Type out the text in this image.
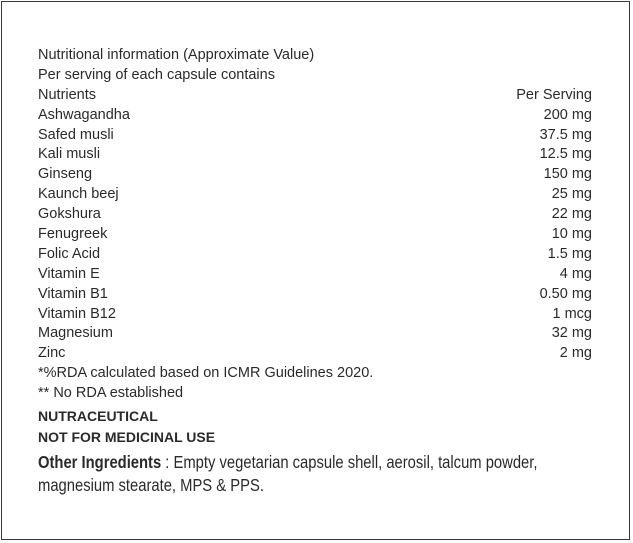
Nutritional information (Approximate Value)
Per serving of each capsule contains
Nutrients	Per Serving
Ashwagandha	200 mg
Safed musli	37.5 mg
Kali musli	12.5 mg
Ginseng	150 mg
Kaunch beej	25 mg
Gokshura	22 mg
Fenugreek	10 mg
Folic Acid	1.5 mg
Vitamin E	4 mg
Vitamin B1	0.50 mg
Vitamin B12	1 mcg
Magnesium	32 mg
Zinc	2 mg
*%RDA calculated based on ICMR Guidelines 2020.
** No RDA established
NUTRACEUTICAL
NOT FOR MEDICINAL USE
Other Ingredients : Empty vegetarian capsule shell, aerosil, talcum powder, magnesium stearate, MPS & PPS.
